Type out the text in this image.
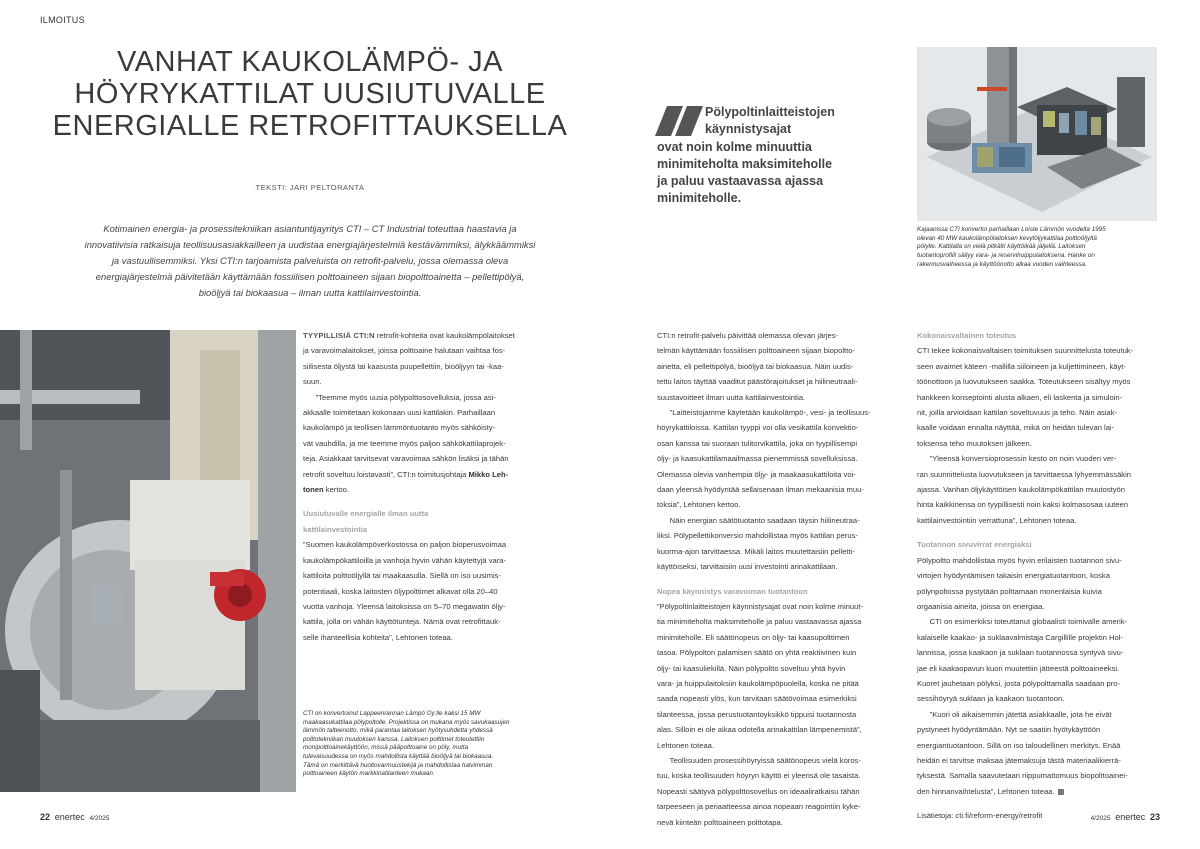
ILMOITUS
VANHAT KAUKOLÄMPÖ- JA
HÖYRYKATTILAT UUSIUTUVALLE
ENERGIALLE RETROFITTAUKSELLA
TEKSTI: JARI PELTORANTA
Kotimainen energia- ja prosessitekniikan asiantuntijayritys CTI – CT Industrial toteuttaa haastavia ja
innovatiivisia ratkaisuja teollisuusasiakkailleen ja uudistaa energiajärjestelmiä kestävämmiksi, älykkäämmiksi
ja vastuullisemmiksi. Yksi CTI:n tarjoamista palveluista on retrofit-palvelu, jossa olemassa oleva
energiajärjestelmä päivitetään käyttämään fossiilisen polttoaineen sijaan biopolttoainetta – pellettipölyä,
bioöljyä tai biokaasua – ilman uutta kattilainvestointia.
Pölypoltinlaitteistojen
käynnistysajat
ovat noin kolme minuuttia
minimiteholta maksimiteholle
ja paluu vastaavassa ajassa
minimiteholle.
Kajaanissa CTI konvertoi parhaillaan Loiste Lämmön vuodelta 1995
olevan 40 MW kaukolämpölaitoksen kevytöljykattilaa polttoöljyltä
pölylle. Kattilalla on vielä pitkältí käyttöikää jäljellä. Laitoksen
tuotantoprofiili säilyy vara- ja reservihuippulaitoksena. Hanke on
rakennusvaiheessa ja käyttöönotto alkaa vuoden vaihteessa.
TYYPILLISIÄ CTI:N retrofit-kohteita ovat kaukolämpölaitokset
ja varavoimalaitokset, joissa polttoaine halutaan vaihtaa fos-
siilisesta öljystä tai kaasusta puupellettiin, bioöljyyn tai -kaa-
suun.
”Teemme myös uusia pölypolttosovelluksia, jossa asi-
akkaalle toimitetaan kokonaan uusi kattilakin. Parhaillaan
kaukolämpö ja teollisen lämmöntuotanto myös sähköisty-
vät vauhdilla, ja me teemme myös paljon sähkökattilaprojek-
teja. Asiakkaat tarvitsevat varavoimaa sähkön lisäksi ja tähän
retrofit soveltuu loistavasti”, CTI:n toimitusjohtaja Mikko Leh-
tonen kertoo.
Uusiutuvalle energialle ilman uutta
kattilainvestointia
”Suomen kaukolämpöverkostossa on paljon bioperusvoimaa
kaukolämpökattiloilla ja vanhoja hyvin vähän käytettyjä vara-
kattiloita polttoöljyllä tai maakaasulla. Siellä on iso uusimis-
potentiaali, koska laitosten öljypolttimet alkavat olla 20–40
vuotta vanhoja. Yleensä laitoksissa on 5–70 megawatin öljy-
kattila, jolla on vähän käyttötunteja. Nämä ovat retrofittauk-
selle ihanteellisia kohteita”, Lehtonen toteaa.
CTI on konvertoinut Lappeenrannan Lämpö Oy:lle kaksi 15 MW
maakaasukattilaa pölypoltolle. Projektissa on mukana myös savukaasujen
lämmön talteenotto, mikä parantaa laitoksen hyötysuhdetta yhdessä
polttotekniikan muutoksen kanssa. Laitoksen polttimet toteutettiin
monipolttoainekäyttöön, missä pääpolttoaine on pöly, mutta
tulevaisuudessa on myös mahdollista käyttää bioöljyä tai biokaasua.
Tämä on merkittävä huoltovarmuustekijä ja mahdollistaa halvimman
polttoaineen käytön markkinatilanteen mukaan.
CTI:n retrofit-palvelu päivittää olemassa olevan järjes-
telmän käyttämään fossiilisen polttoaineen sijaan biopoltto-
ainetta, eli pellettipölyä, bioöljyä tai biokaasua. Näin uudis-
tettu laitos täyttää vaaditut päästörajoitukset ja hiilineutraali-
suustavoitteet ilman uutta kattilainvestointia.
”Laitteistojamme käytetään kaukolämpö-, vesi- ja teollisuus-
höyrykattiloissa. Kattilan tyyppi voi olla vesikattila konvektio-
osan kanssa tai suoraan tulitorvikattila, joka on tyypillisempi
öljy- ja kaasukattilamaailmassa pienemmissä sovelluksissa.
Olemassa olevia vanhempia öljy- ja maakaasukattiloita voi-
daan yleensä hyödyntää sellaisenaan ilman mekaanisia muu-
toksia”, Lehtonen kertoo.
Näin energian säätötuotanto saadaan täysin hiilineutraa-
liksi. Pölypellettikonversio mahdollistaa myös kattilan perus-
kuorma-ajon tarvittaessa. Mikäli laitos muutettaisiin pelletti-
käyttöiseksi, tarvittaisiin uusi investointi arinakattilaan.
Nopea käynnistys varavoiman tuotantoon
”Pölypoltinlaitteistojen käynnistysajat ovat noin kolme minuut-
tia minimiteholta maksimiteholle ja paluu vastaavassa ajassa
minimiteholle. Eli säätönopeus on öljy- tai kaasupolttimen
tasoa. Pölypolton palamisen säätö on yhtä reaktiivinen kuin
öljy- tai kaasuliekillä. Näin pölypoltto soveltuu yhtä hyvin
vara- ja huippulaitoksiin kaukolämpöpuolella, koska ne pitää
saada nopeasti ylös, kun tarvitaan säätövoimaa esimerkiksi
tilanteessa, jossa perustuotantoyksikkö tippuisi tuotannosta
alas. Silloin ei ole aikaa odotella arinakattilan lämpenemistä”,
Lehtonen toteaa.
Teollisuuden prosessihöyryissä säätönopeus vielä koros-
tuu, koska teollisuuden höyryn käyttö ei yleensä ole tasaista.
Nopeasti säätyvä pölypolttosovellus on ideaaliratkaisu tähän
tarpeeseen ja periaatteessa ainoa nopeaan reagointiin kyke-
nevä kiinteän polttoaineen polttotapa.
Kokonaisvaltainen toteutus
CTI tekee kokonaisvaltaisen toimituksen suunnittelusta toteutuk-
seen avaimet käteen -mallilla siiloineen ja kuljettimineen, käyt-
töönottoon ja luovutukseen saakka. Toteutukseen sisältyy myös
hankkeen konseptointi alusta alkaen, eli laskenta ja simuloin-
nit, joilla arvioidaan kattilan soveltuvuus ja teho. Näin asiak-
kaalle voidaan ennalta näyttää, mikä on heidän tulevan lai-
toksensa teho muutoksen jälkeen.
”Yleensä konversioprosessin kesto on noin vuoden ver-
ran suunnittelusta luovutukseen ja tarvittaessa lyhyemmässäkin
ajassa. Vanhan öljykäyttöisen kaukolämpökattilan muutostyön
hinta kaikkinensa on tyypillisesti noin kaksi kolmasosaa uuteen
kattilainvestointiin verrattuna”, Lehtonen toteaa.
Tuotannon sivuvirrat energiaksi
Pölypoltto mahdollistaa myös hyvin erilaisten tuotannon sivu-
virtojen hyödyntämisen takaisin energiatuotantoon, koska
pölynpoltossa pystytään polttamaan monenlaisia kuivia
orgaanisia aineita, joissa on energiaa.
CTI on esimerkiksi toteuttanut globaalisti toimivalle amerik-
kalaiselle kaakao- ja suklaavalmistaja Cargillille projektin Hol-
lannissa, jossa kaakaon ja suklaan tuotannossa syntyvä sivu-
jae eli kaakaopavun kuori muutettiin jätteestä polttoaineeksi.
Kuoret jauhetaan pölyksi, josta pölypolttamalla saadaan pro-
sessihöyryä suklaan ja kaakaon tuotantoon.
”Kuori oli aikaisemmin jätettä asiakkaalle, jota he eivät
pystyneet hyödyntämään. Nyt se saatiin hyötykäyttöön
energiantuotantoon. Sillä on iso taloudellinen merkitys. Enää
heidän ei tarvitse maksaa jätemaksuja tästä materiaalikierrä-
tyksestä. Samalla saavutetaan riippumattomuus biopolttoainei-
den hinnanvaihtelusta”, Lehtonen toteaa.
Lisätietoja: cti.fi/reform-energy/retrofit
22 enertec 4/2025	4/2025 enertec 23
